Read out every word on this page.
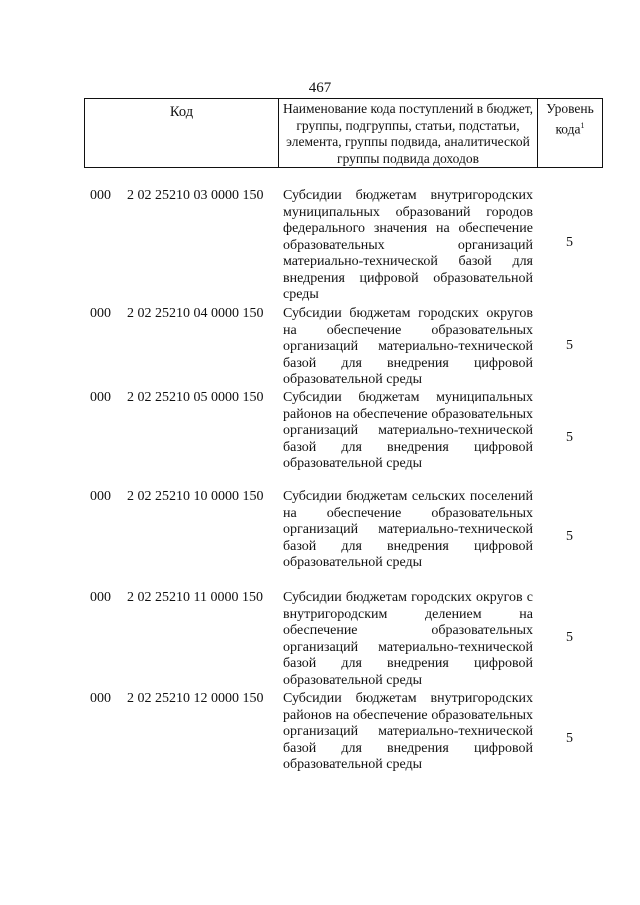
467
Код	Наименование кода поступлений в бюджет, группы, подгруппы, статьи, подстатьи, элемента, группы подвида, аналитической группы подвида доходов
Уровень кода$^1$
000 2 02 25210 03 0000 150 Субсидии бюджетам внутригородских муниципальных образований городов федерального значения на обеспечение образовательных организаций материально-технической базой для внедрения цифровой образовательной среды
5
000 2 02 25210 04 0000 150 Субсидии бюджетам городских округов на обеспечение образовательных организаций материально-технической базой для внедрения цифровой образовательной среды
5
000 2 02 25210 05 0000 150 Субсидии бюджетам муниципальных районов на обеспечение образовательных организаций материально-технической базой для внедрения цифровой образовательной среды
5
000 2 02 25210 10 0000 150 Субсидии бюджетам сельских поселений на обеспечение образовательных организаций материально-технической базой для внедрения цифровой образовательной среды
5
000 2 02 25210 11 0000 150 Субсидии бюджетам городских округов с внутригородским делением на обеспечение образовательных организаций материально-технической базой для внедрения цифровой образовательной среды
5
000 2 02 25210 12 0000 150 Субсидии бюджетам внутригородских районов на обеспечение образовательных организаций материально-технической базой для внедрения цифровой образовательной среды
5
